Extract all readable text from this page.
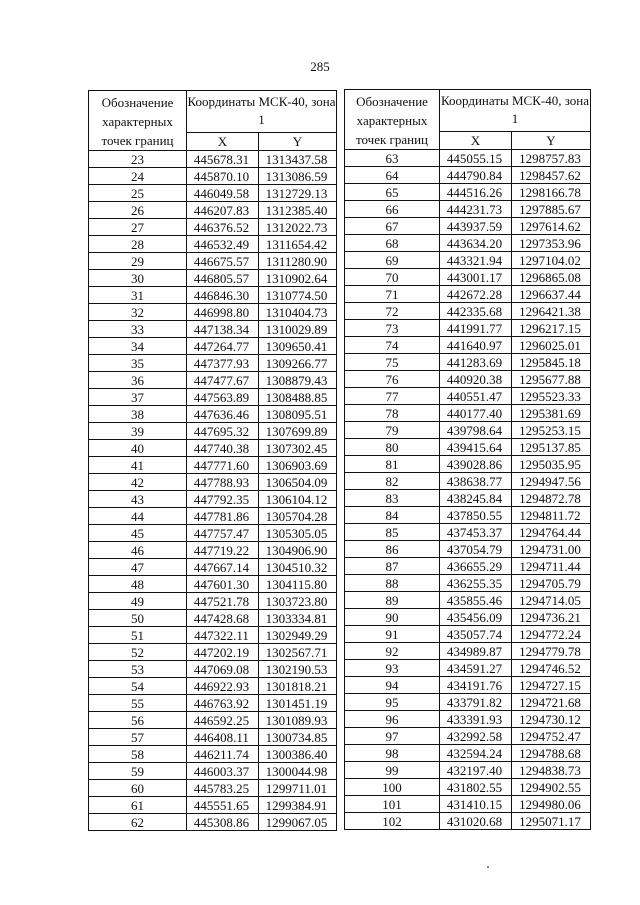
285
Обозначение характерных точек границ	Координаты МСК-40, зона 1	
	X	Y
23	445678.31	1313437.58
24	445870.10	1313086.59
25	446049.58	1312729.13
26	446207.83	1312385.40
27	446376.52	1312022.73
28	446532.49	1311654.42
29	446675.57	1311280.90
30	446805.57	1310902.64
31	446846.30	1310774.50
32	446998.80	1310404.73
33	447138.34	1310029.89
34	447264.77	1309650.41
35	447377.93	1309266.77
36	447477.67	1308879.43
37	447563.89	1308488.85
38	447636.46	1308095.51
39	447695.32	1307699.89
40	447740.38	1307302.45
41	447771.60	1306903.69
42	447788.93	1306504.09
43	447792.35	1306104.12
44	447781.86	1305704.28
45	447757.47	1305305.05
46	447719.22	1304906.90
47	447667.14	1304510.32
48	447601.30	1304115.80
49	447521.78	1303723.80
50	447428.68	1303334.81
51	447322.11	1302949.29
52	447202.19	1302567.71
53	447069.08	1302190.53
54	446922.93	1301818.21
55	446763.92	1301451.19
56	446592.25	1301089.93
57	446408.11	1300734.85
58	446211.74	1300386.40
59	446003.37	1300044.98
60	445783.25	1299711.01
61	445551.65	1299384.91
62	445308.86	1299067.05
Обозначение характерных точек границ	Координаты МСК-40, зона 1	
	X	Y
63	445055.15	1298757.83
64	444790.84	1298457.62
65	444516.26	1298166.78
66	444231.73	1297885.67
67	443937.59	1297614.62
68	443634.20	1297353.96
69	443321.94	1297104.02
70	443001.17	1296865.08
71	442672.28	1296637.44
72	442335.68	1296421.38
73	441991.77	1296217.15
74	441640.97	1296025.01
75	441283.69	1295845.18
76	440920.38	1295677.88
77	440551.47	1295523.33
78	440177.40	1295381.69
79	439798.64	1295253.15
80	439415.64	1295137.85
81	439028.86	1295035.95
82	438638.77	1294947.56
83	438245.84	1294872.78
84	437850.55	1294811.72
85	437453.37	1294764.44
86	437054.79	1294731.00
87	436655.29	1294711.44
88	436255.35	1294705.79
89	435855.46	1294714.05
90	435456.09	1294736.21
91	435057.74	1294772.24
92	434989.87	1294779.78
93	434591.27	1294746.52
94	434191.76	1294727.15
95	433791.82	1294721.68
96	433391.93	1294730.12
97	432992.58	1294752.47
98	432594.24	1294788.68
99	432197.40	1294838.73
100	431802.55	1294902.55
101	431410.15	1294980.06
102	431020.68	1295071.17
